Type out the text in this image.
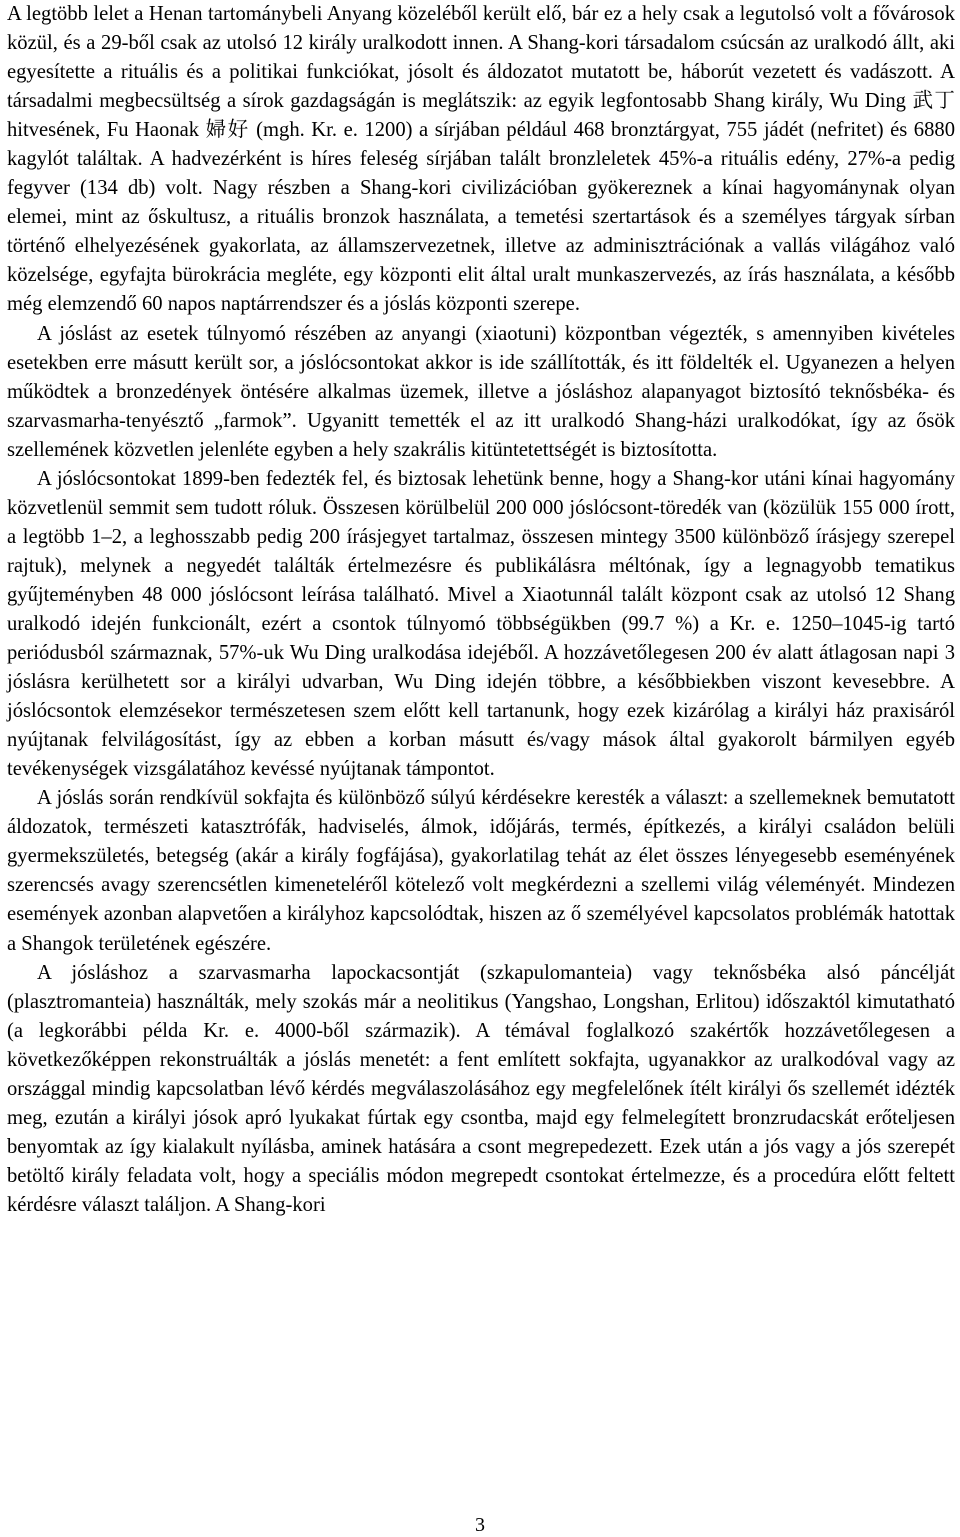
A legtöbb lelet a Henan tartománybeli Anyang közeléből került elő, bár ez a hely csak a legutolsó volt a fővárosok közül, és a 29-ből csak az utolsó 12 király uralkodott innen. A Shang-kori társadalom csúcsán az uralkodó állt, aki egyesítette a rituális és a politikai funkciókat, jósolt és áldozatot mutatott be, háborút vezetett és vadászott. A társadalmi megbecsültség a sírok gazdagságán is meglátszik: az egyik legfontosabb Shang király, Wu Ding 武丁 hitvesének, Fu Haonak 婦好 (mgh. Kr. e. 1200) a sírjában például 468 bronztárgyat, 755 jádét (nefritet) és 6880 kagylót találtak. A hadvezérként is híres feleség sírjában talált bronzleletek 45%-a rituális edény, 27%-a pedig fegyver (134 db) volt. Nagy részben a Shang-kori civilizációban gyökereznek a kínai hagyománynak olyan elemei, mint az őskultusz, a rituális bronzok használata, a temetési szertartások és a személyes tárgyak sírban történő elhelyezésének gyakorlata, az államszervezetnek, illetve az adminisztrációnak a vallás világához való közelsége, egyfajta bürokrácia megléte, egy központi elit által uralt munkaszervezés, az írás használata, a később még elemzendő 60 napos naptárrendszer és a jóslás központi szerepe.

A jóslást az esetek túlnyomó részében az anyangi (xiaotuni) központban végezték, s amennyiben kivételes esetekben erre másutt került sor, a jóslócsontokat akkor is ide szállították, és itt földelték el. Ugyanezen a helyen működtek a bronzedények öntésére alkalmas üzemek, illetve a jósláshoz alapanyagot biztosító teknősbéka- és szarvasmarha-tenyésztő „farmok”. Ugyanitt temették el az itt uralkodó Shang-házi uralkodókat, így az ősök szellemének közvetlen jelenléte egyben a hely szakrális kitüntetettségét is biztosította.

A jóslócsontokat 1899-ben fedezték fel, és biztosak lehetünk benne, hogy a Shang-kor utáni kínai hagyomány közvetlenül semmit sem tudott róluk. Összesen körülbelül 200 000 jóslócsont-töredék van (közülük 155 000 írott, a legtöbb 1–2, a leghosszabb pedig 200 írásjegyet tartalmaz, összesen mintegy 3500 különböző írásjegy szerepel rajtuk), melynek a negyedét találták értelmezésre és publikálásra méltónak, így a legnagyobb tematikus gyűjteményben 48 000 jóslócsont leírása található. Mivel a Xiaotunnál talált központ csak az utolsó 12 Shang uralkodó idején funkcionált, ezért a csontok túlnyomó többségükben (99.7 %) a Kr. e. 1250–1045-ig tartó periódusból származnak, 57%-uk Wu Ding uralkodása idejéből. A hozzávetőlegesen 200 év alatt átlagosan napi 3 jóslásra kerülhetett sor a királyi udvarban, Wu Ding idején többre, a későbbiekben viszont kevesebbre. A jóslócsontok elemzésekor természetesen szem előtt kell tartanunk, hogy ezek kizárólag a királyi ház praxisáról nyújtanak felvilágosítást, így az ebben a korban másutt és/vagy mások által gyakorolt bármilyen egyéb tevékenységek vizsgálatához kevéssé nyújtanak támpontot.

A jóslás során rendkívül sokfajta és különböző súlyú kérdésekre keresték a választ: a szellemeknek bemutatott áldozatok, természeti katasztrófák, hadviselés, álmok, időjárás, termés, építkezés, a királyi családon belüli gyermekszületés, betegség (akár a király fogfájása), gyakorlatilag tehát az élet összes lényegesebb eseményének szerencsés avagy szerencsétlen kimeneteléről kötelező volt megkérdezni a szellemi világ véleményét. Mindezen események azonban alapvetően a királyhoz kapcsolódtak, hiszen az ő személyével kapcsolatos problémák hatottak a Shangok területének egészére.

A jósláshoz a szarvasmarha lapockacsontját (szkapulomanteia) vagy teknősbéka alsó páncélját (plasztromanteia) használták, mely szokás már a neolitikus (Yangshao, Longshan, Erlitou) időszaktól kimutatható (a legkorábbi példa Kr. e. 4000-ből származik). A témával foglalkozó szakértők hozzávetőlegesen a következőképpen rekonstruálták a jóslás menetét: a fent említett sokfajta, ugyanakkor az uralkodóval vagy az országgal mindig kapcsolatban lévő kérdés megválaszolásához egy megfelelőnek ítélt királyi ős szellemét idézték meg, ezután a királyi jósok apró lyukakat fúrtak egy csontba, majd egy felmelegített bronzrudacskát erőteljesen benyomtak az így kialakult nyílásba, aminek hatására a csont megrepedezett. Ezek után a jós vagy a jós szerepét betöltő király feladata volt, hogy a speciális módon megrepedt csontokat értelmezze, és a procedúra előtt feltett kérdésre választ találjon. A Shang-kori

3
